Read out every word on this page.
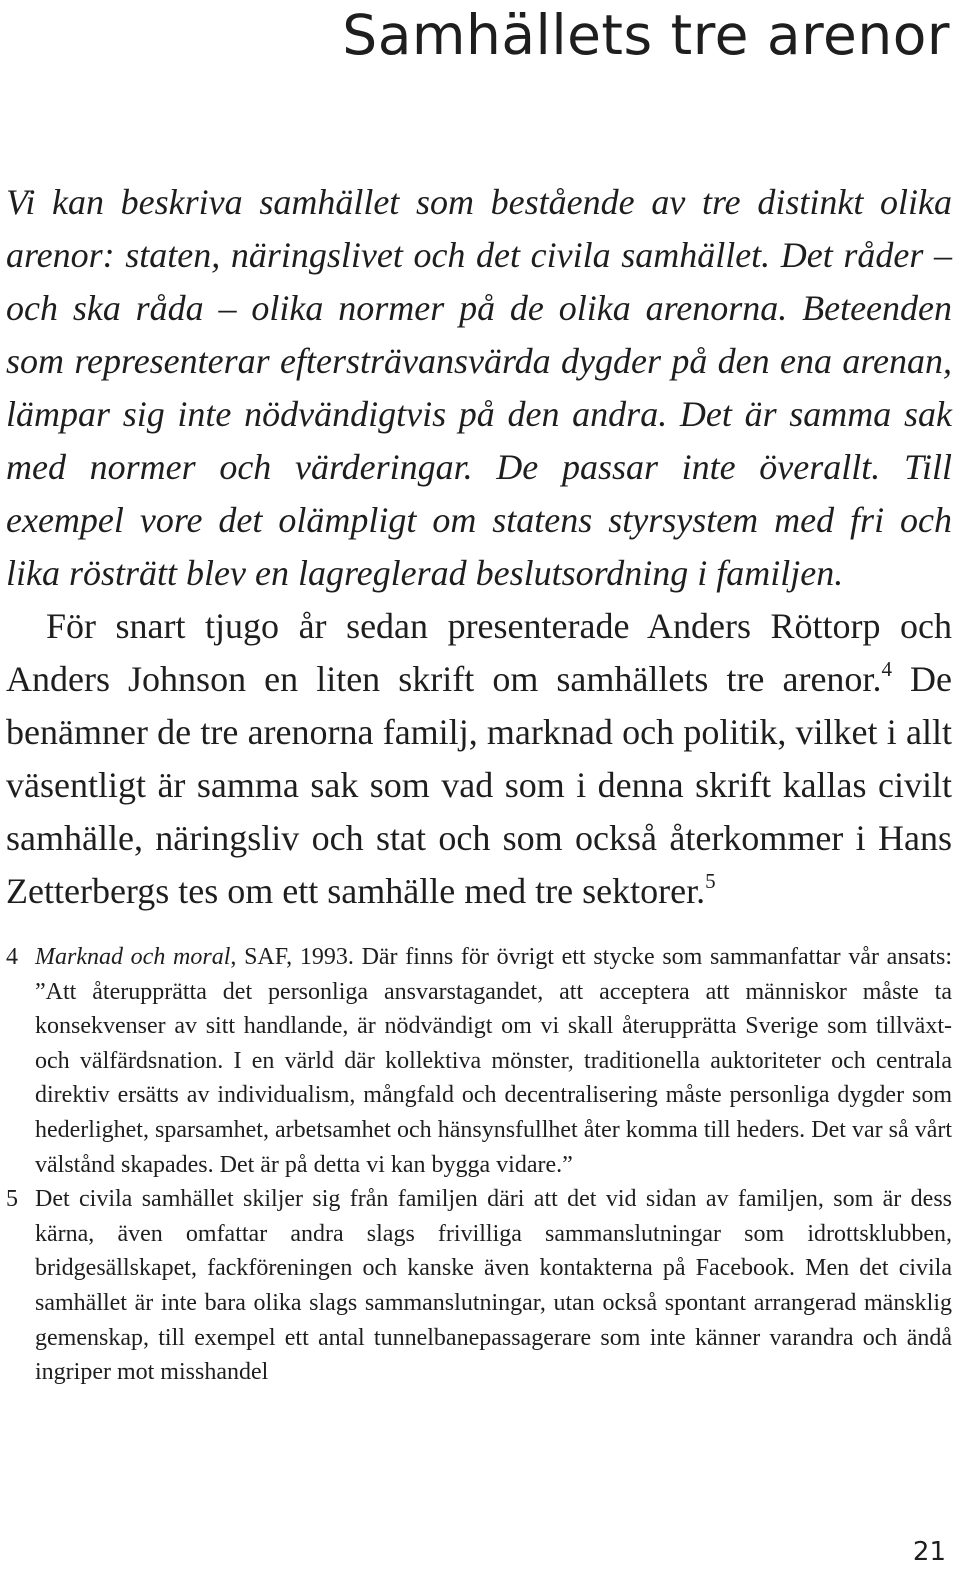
Samhällets tre arenor

Vi kan beskriva samhället som bestående av tre distinkt olika arenor: staten, näringslivet och det civila samhället. Det råder – och ska råda – olika normer på de olika arenorna. Beteenden som representerar eftersträvansvärda dygder på den ena arenan, lämpar sig inte nödvändigtvis på den andra. Det är samma sak med normer och värderingar. De passar inte överallt. Till exempel vore det olämpligt om statens styrsystem med fri och lika rösträtt blev en lagreglerad beslutsordning i familjen.

För snart tjugo år sedan presenterade Anders Röttorp och Anders Johnson en liten skrift om samhällets tre arenor.$^4$ De benämner de tre arenorna familj, marknad och politik, vilket i allt väsentligt är samma sak som vad som i denna skrift kallas civilt samhälle, näringsliv och stat och som också återkommer i Hans Zetterbergs tes om ett samhälle med tre sektorer.$^5$

4 Marknad och moral, SAF, 1993. Där finns för övrigt ett stycke som sammanfattar vår ansats: ”Att återupprätta det personliga ansvarstagandet, att acceptera att människor måste ta konsekvenser av sitt handlande, är nödvändigt om vi skall återupprätta Sverige som tillväxt- och välfärdsnation. I en värld där kollektiva mönster, traditionella auktoriteter och centrala direktiv ersätts av individualism, mångfald och decentralisering måste personliga dygder som hederlighet, sparsamhet, arbetsamhet och hänsynsfullhet åter komma till heders. Det var så vårt välstånd skapades. Det är på detta vi kan bygga vidare.”
5 Det civila samhället skiljer sig från familjen däri att det vid sidan av familjen, som är dess kärna, även omfattar andra slags frivilliga sammanslutningar som idrottsklubben, bridgesällskapet, fackföreningen och kanske även kontakterna på Facebook. Men det civila samhället är inte bara olika slags sammanslutningar, utan också spontant arrangerad mänsklig gemenskap, till exempel ett antal tunnelbanepassagerare som inte känner varandra och ändå ingriper mot misshandel
21
